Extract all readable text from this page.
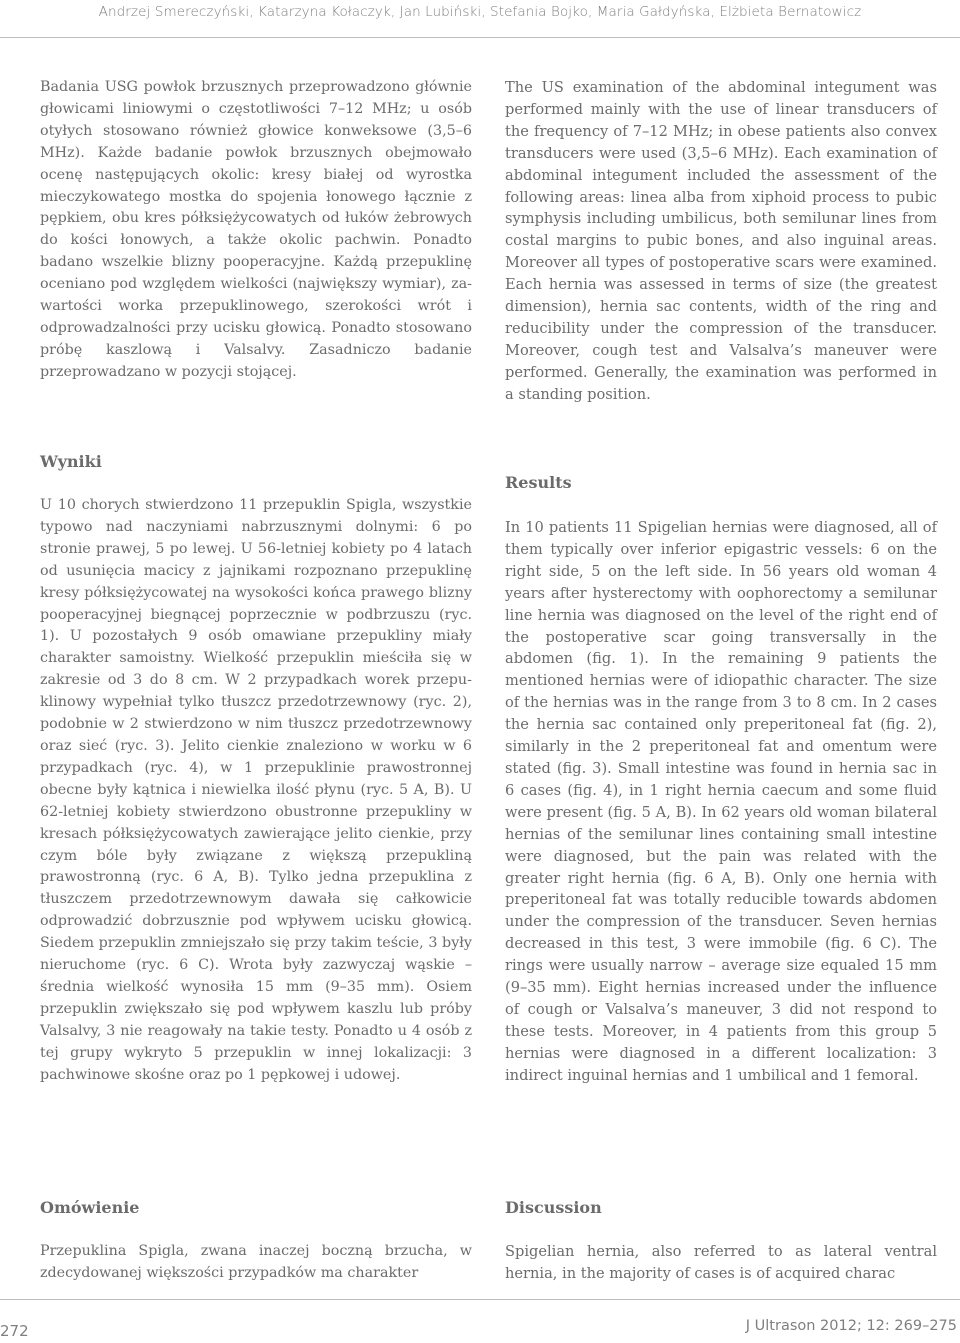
Andrzej Smereczyński, Katarzyna Kołaczyk, Jan Lubiński, Stefania Bojko, Maria Gałdyńska, Elżbieta Bernatowicz

Badania USG powłok brzusznych przeprowadzono głównie głowicami liniowymi o częstotliwości 7–12 MHz; u osób otyłych stosowano również głowice konweksowe (3,5–6 MHz). Każde badanie powłok brzusznych obejmowało ocenę następujących okolic: kresy białej od wyrostka mieczykowatego mostka do spojenia łonowego łącznie z pępkiem, obu kres półksiężycowatych od łuków żebrowych do kości łonowych, a także okolic pachwin. Ponadto badano wszelkie blizny pooperacyjne. Każdą przepuklinę oceniano pod względem wielkości (największy wymiar), zawartości worka przepuklinowego, szerokości wrót i odprowadzalności przy ucisku głowicą. Ponadto stosowano próbę kaszlową i Valsalvy. Zasadniczo badanie przeprowadzano w pozycji stojącej.

Wyniki

U 10 chorych stwierdzono 11 przepuklin Spigla, wszystkie typowo nad naczyniami nabrzusznymi dolnymi: 6 po stronie prawej, 5 po lewej. U 56-letniej kobiety po 4 latach od usunięcia macicy z jajnikami rozpoznano przepuklinę kresy półksiężycowatej na wysokości końca prawego blizny pooperacyjnej biegnącej poprzecznie w podbrzuszu (ryc. 1). U pozostałych 9 osób omawiane przepukliny miały charakter samoistny. Wielkość przepuklin mieściła się w zakresie od 3 do 8 cm. W 2 przypadkach worek przepuklinowy wypełniał tylko tłuszcz przedotrzewnowy (ryc. 2), podobnie w 2 stwierdzono w nim tłuszcz przedotrzewnowy oraz sieć (ryc. 3). Jelito cienkie znaleziono w worku w 6 przypadkach (ryc. 4), w 1 przepuklinie prawostronnej obecne były kątnica i niewielka ilość płynu (ryc. 5 A, B). U 62-letniej kobiety stwierdzono obustronne przepukliny w kresach półksiężycowatych zawierające jelito cienkie, przy czym bóle były związane z większą przepukliną prawostronną (ryc. 6 A, B). Tylko jedna przepuklina z tłuszczem przedotrzewnowym dawała się całkowicie odprowadzić dobrzusznie pod wpływem ucisku głowicą. Siedem przepuklin zmniejszało się przy takim teście, 3 były nieruchome (ryc. 6 C). Wrota były zazwyczaj wąskie – średnia wielkość wynosiła 15 mm (9–35 mm). Osiem przepuklin zwiększało się pod wpływem kaszlu lub próby Valsalvy, 3 nie reagowały na takie testy. Ponadto u 4 osób z tej grupy wykryto 5 przepuklin w innej lokalizacji: 3 pachwinowe skośne oraz po 1 pępkowej i udowej.

Omówienie

Przepuklina Spigla, zwana inaczej boczną brzucha, w zdecydowanej większości przypadków ma charakter

The US examination of the abdominal integument was performed mainly with the use of linear transducers of the frequency of 7–12 MHz; in obese patients also convex transducers were used (3,5–6 MHz). Each examination of abdominal integument included the assessment of the following areas: linea alba from xiphoid process to pubic symphysis including umbilicus, both semilunar lines from costal margins to pubic bones, and also inguinal areas. Moreover all types of postoperative scars were examined. Each hernia was assessed in terms of size (the greatest dimension), hernia sac contents, width of the ring and reducibility under the compression of the transducer. Moreover, cough test and Valsalva’s maneuver were performed. Generally, the examination was performed in a standing position.

Results

In 10 patients 11 Spigelian hernias were diagnosed, all of them typically over inferior epigastric vessels: 6 on the right side, 5 on the left side. In 56 years old woman 4 years after hysterectomy with oophorectomy a semilunar line hernia was diagnosed on the level of the right end of the postoperative scar going transversally in the abdomen (fig. 1). In the remaining 9 patients the mentioned hernias were of idiopathic character. The size of the hernias was in the range from 3 to 8 cm. In 2 cases the hernia sac contained only preperitoneal fat (fig. 2), similarly in the 2 preperitoneal fat and omentum were stated (fig. 3). Small intestine was found in hernia sac in 6 cases (fig. 4), in 1 right hernia caecum and some fluid were present (fig. 5 A, B). In 62 years old woman bilateral hernias of the semilunar lines containing small intestine were diagnosed, but the pain was related with the greater right hernia (fig. 6 A, B). Only one hernia with preperitoneal fat was totally reducible towards abdomen under the compression of the transducer. Seven hernias decreased in this test, 3 were immobile (fig. 6 C). The rings were usually narrow – average size equaled 15 mm (9–35 mm). Eight hernias increased under the influence of cough or Valsalva’s maneuver, 3 did not respond to these tests. Moreover, in 4 patients from this group 5 hernias were diagnosed in a different localization: 3 indirect inguinal hernias and 1 umbilical and 1 femoral.

Discussion

Spigelian hernia, also referred to as lateral ventral hernia, in the majority of cases is of acquired charac

272	J Ultrason 2012; 12: 269–275
